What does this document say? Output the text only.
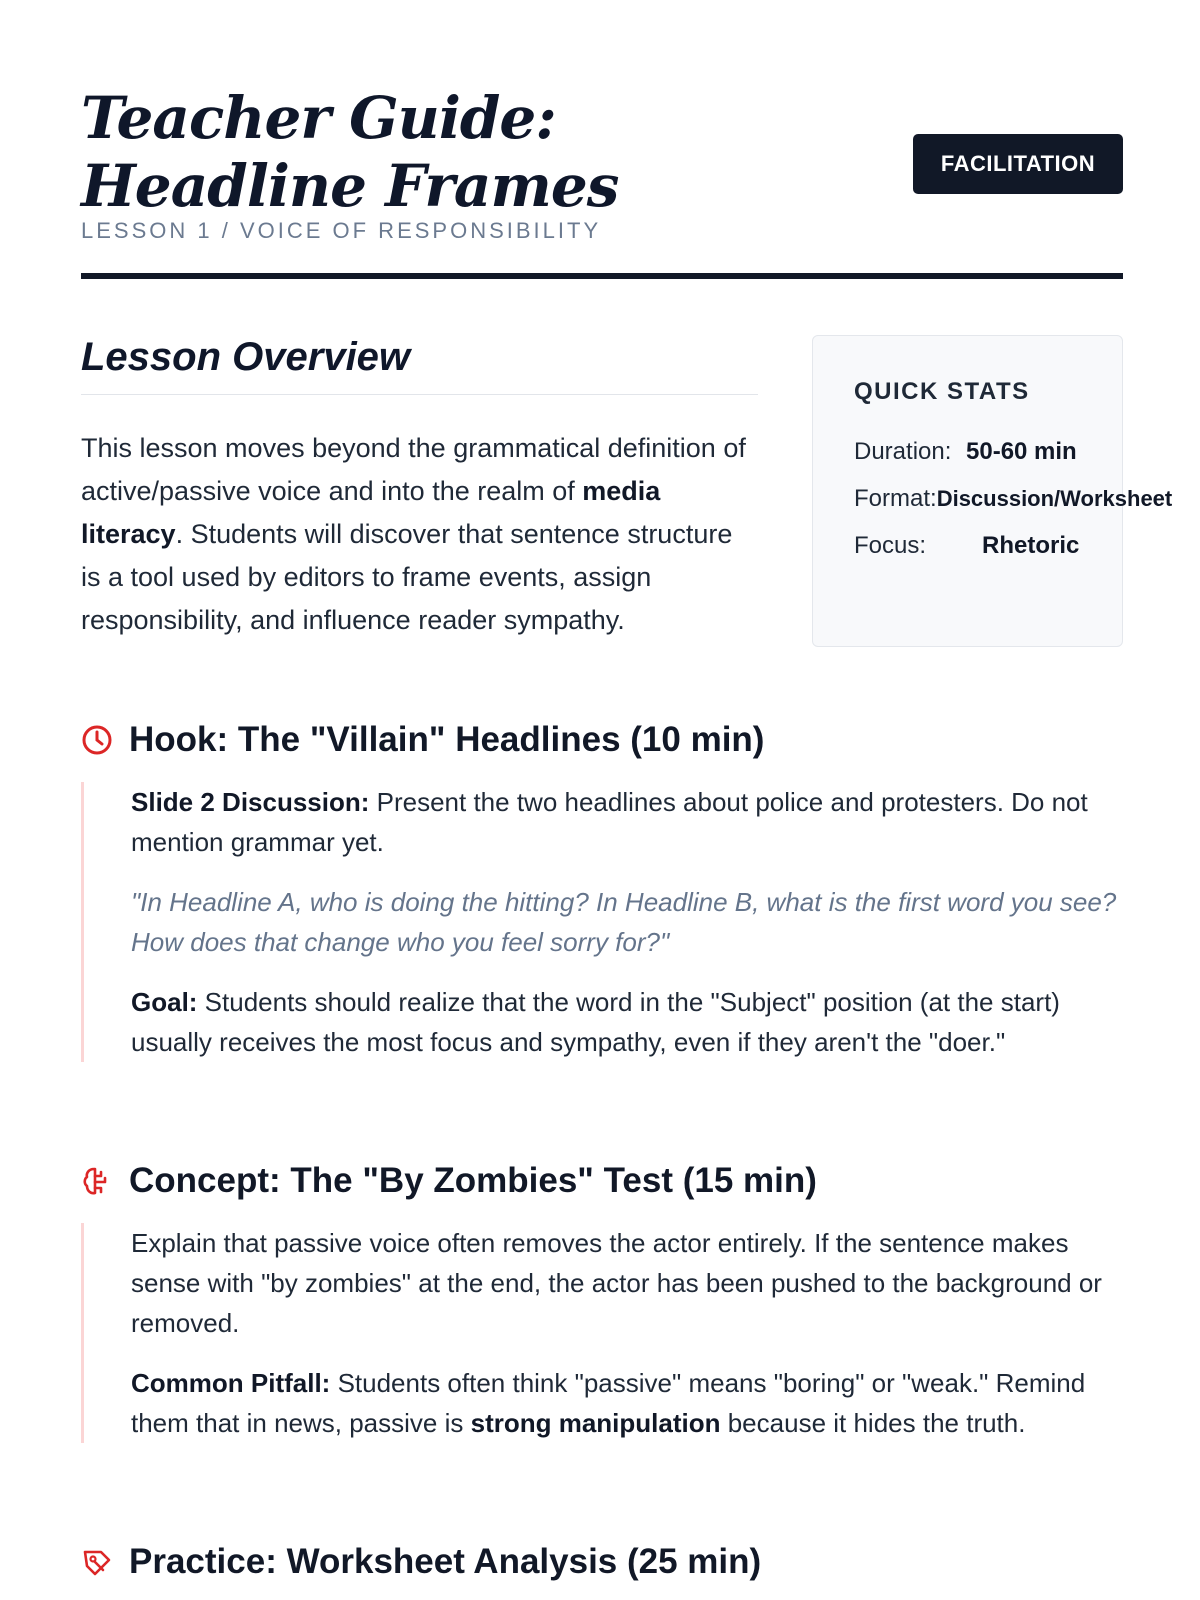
Teacher Guide: Headline Frames
LESSON 1 / VOICE OF RESPONSIBILITY
FACILITATION
Lesson Overview

This lesson moves beyond the grammatical definition of active/passive voice and into the realm of media literacy. Students will discover that sentence structure is a tool used by editors to frame events, assign responsibility, and influence reader sympathy.

QUICK STATS
Duration: 50-60 min
Format: Discussion/Worksheet
Focus:	Rhetoric
Hook: The "Villain" Headlines (10 min)

Slide 2 Discussion: Present the two headlines about police and protesters. Do not mention grammar yet.

"In Headline A, who is doing the hitting? In Headline B, what is the first word you see? How does that change who you feel sorry for?"

Goal: Students should realize that the word in the "Subject" position (at the start) usually receives the most focus and sympathy, even if they aren't the "doer."

Concept: The "By Zombies" Test (15 min)

Explain that passive voice often removes the actor entirely. If the sentence makes sense with "by zombies" at the end, the actor has been pushed to the background or removed.

Common Pitfall: Students often think "passive" means "boring" or "weak." Remind them that in news, passive is strong manipulation because it hides the truth.

Practice: Worksheet Analysis (25 min)
